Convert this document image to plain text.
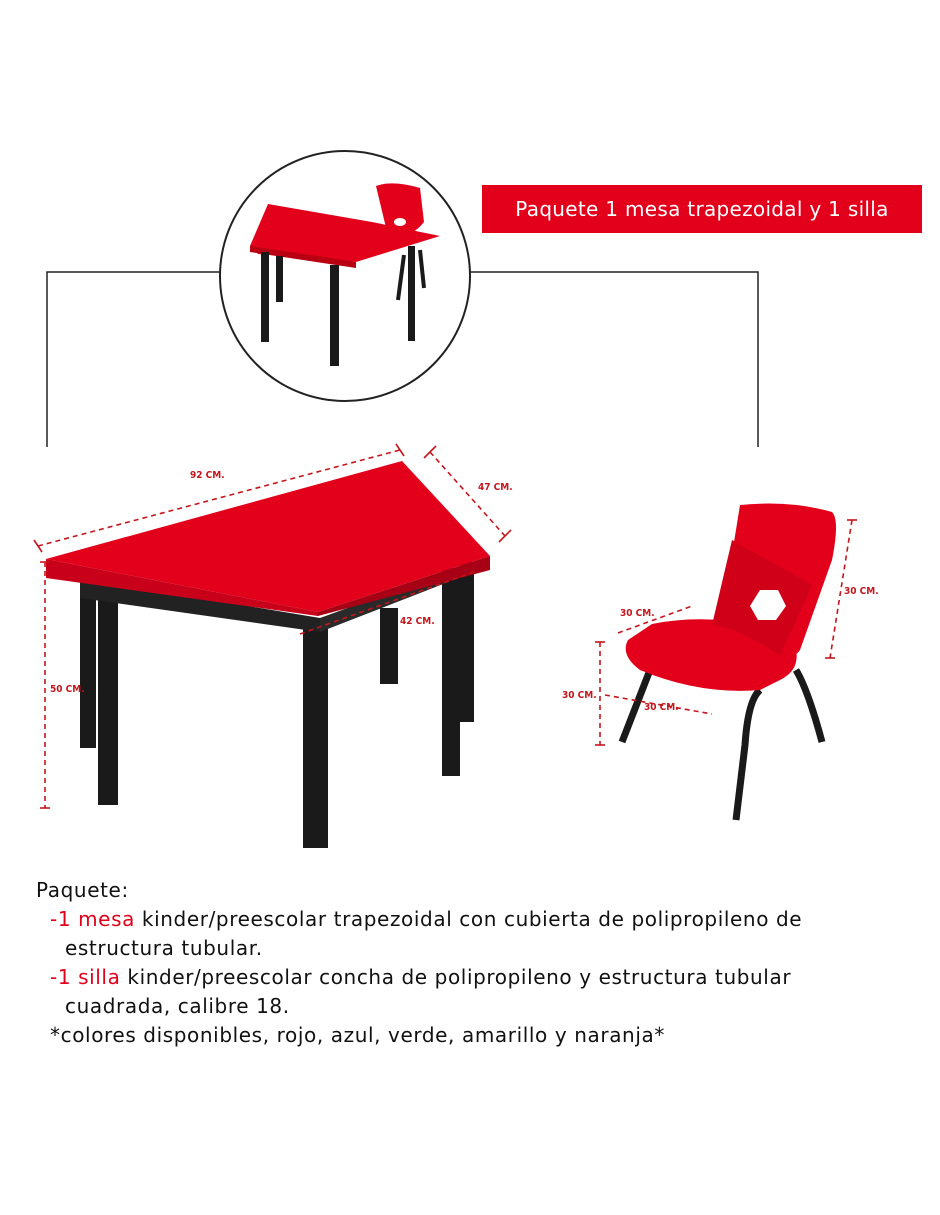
92 CM.
47 CM.
42 CM.
50 CM.
30 CM.
30 CM.
30 CM.
30 CM.
Paquete 1 mesa trapezoidal y 1 silla
Paquete:
-1 mesa kinder/preescolar trapezoidal con cubierta de polipropileno de
estructura tubular.
-1 silla kinder/preescolar concha de polipropileno y estructura tubular
cuadrada, calibre 18.
*colores disponibles, rojo, azul, verde, amarillo y naranja*
